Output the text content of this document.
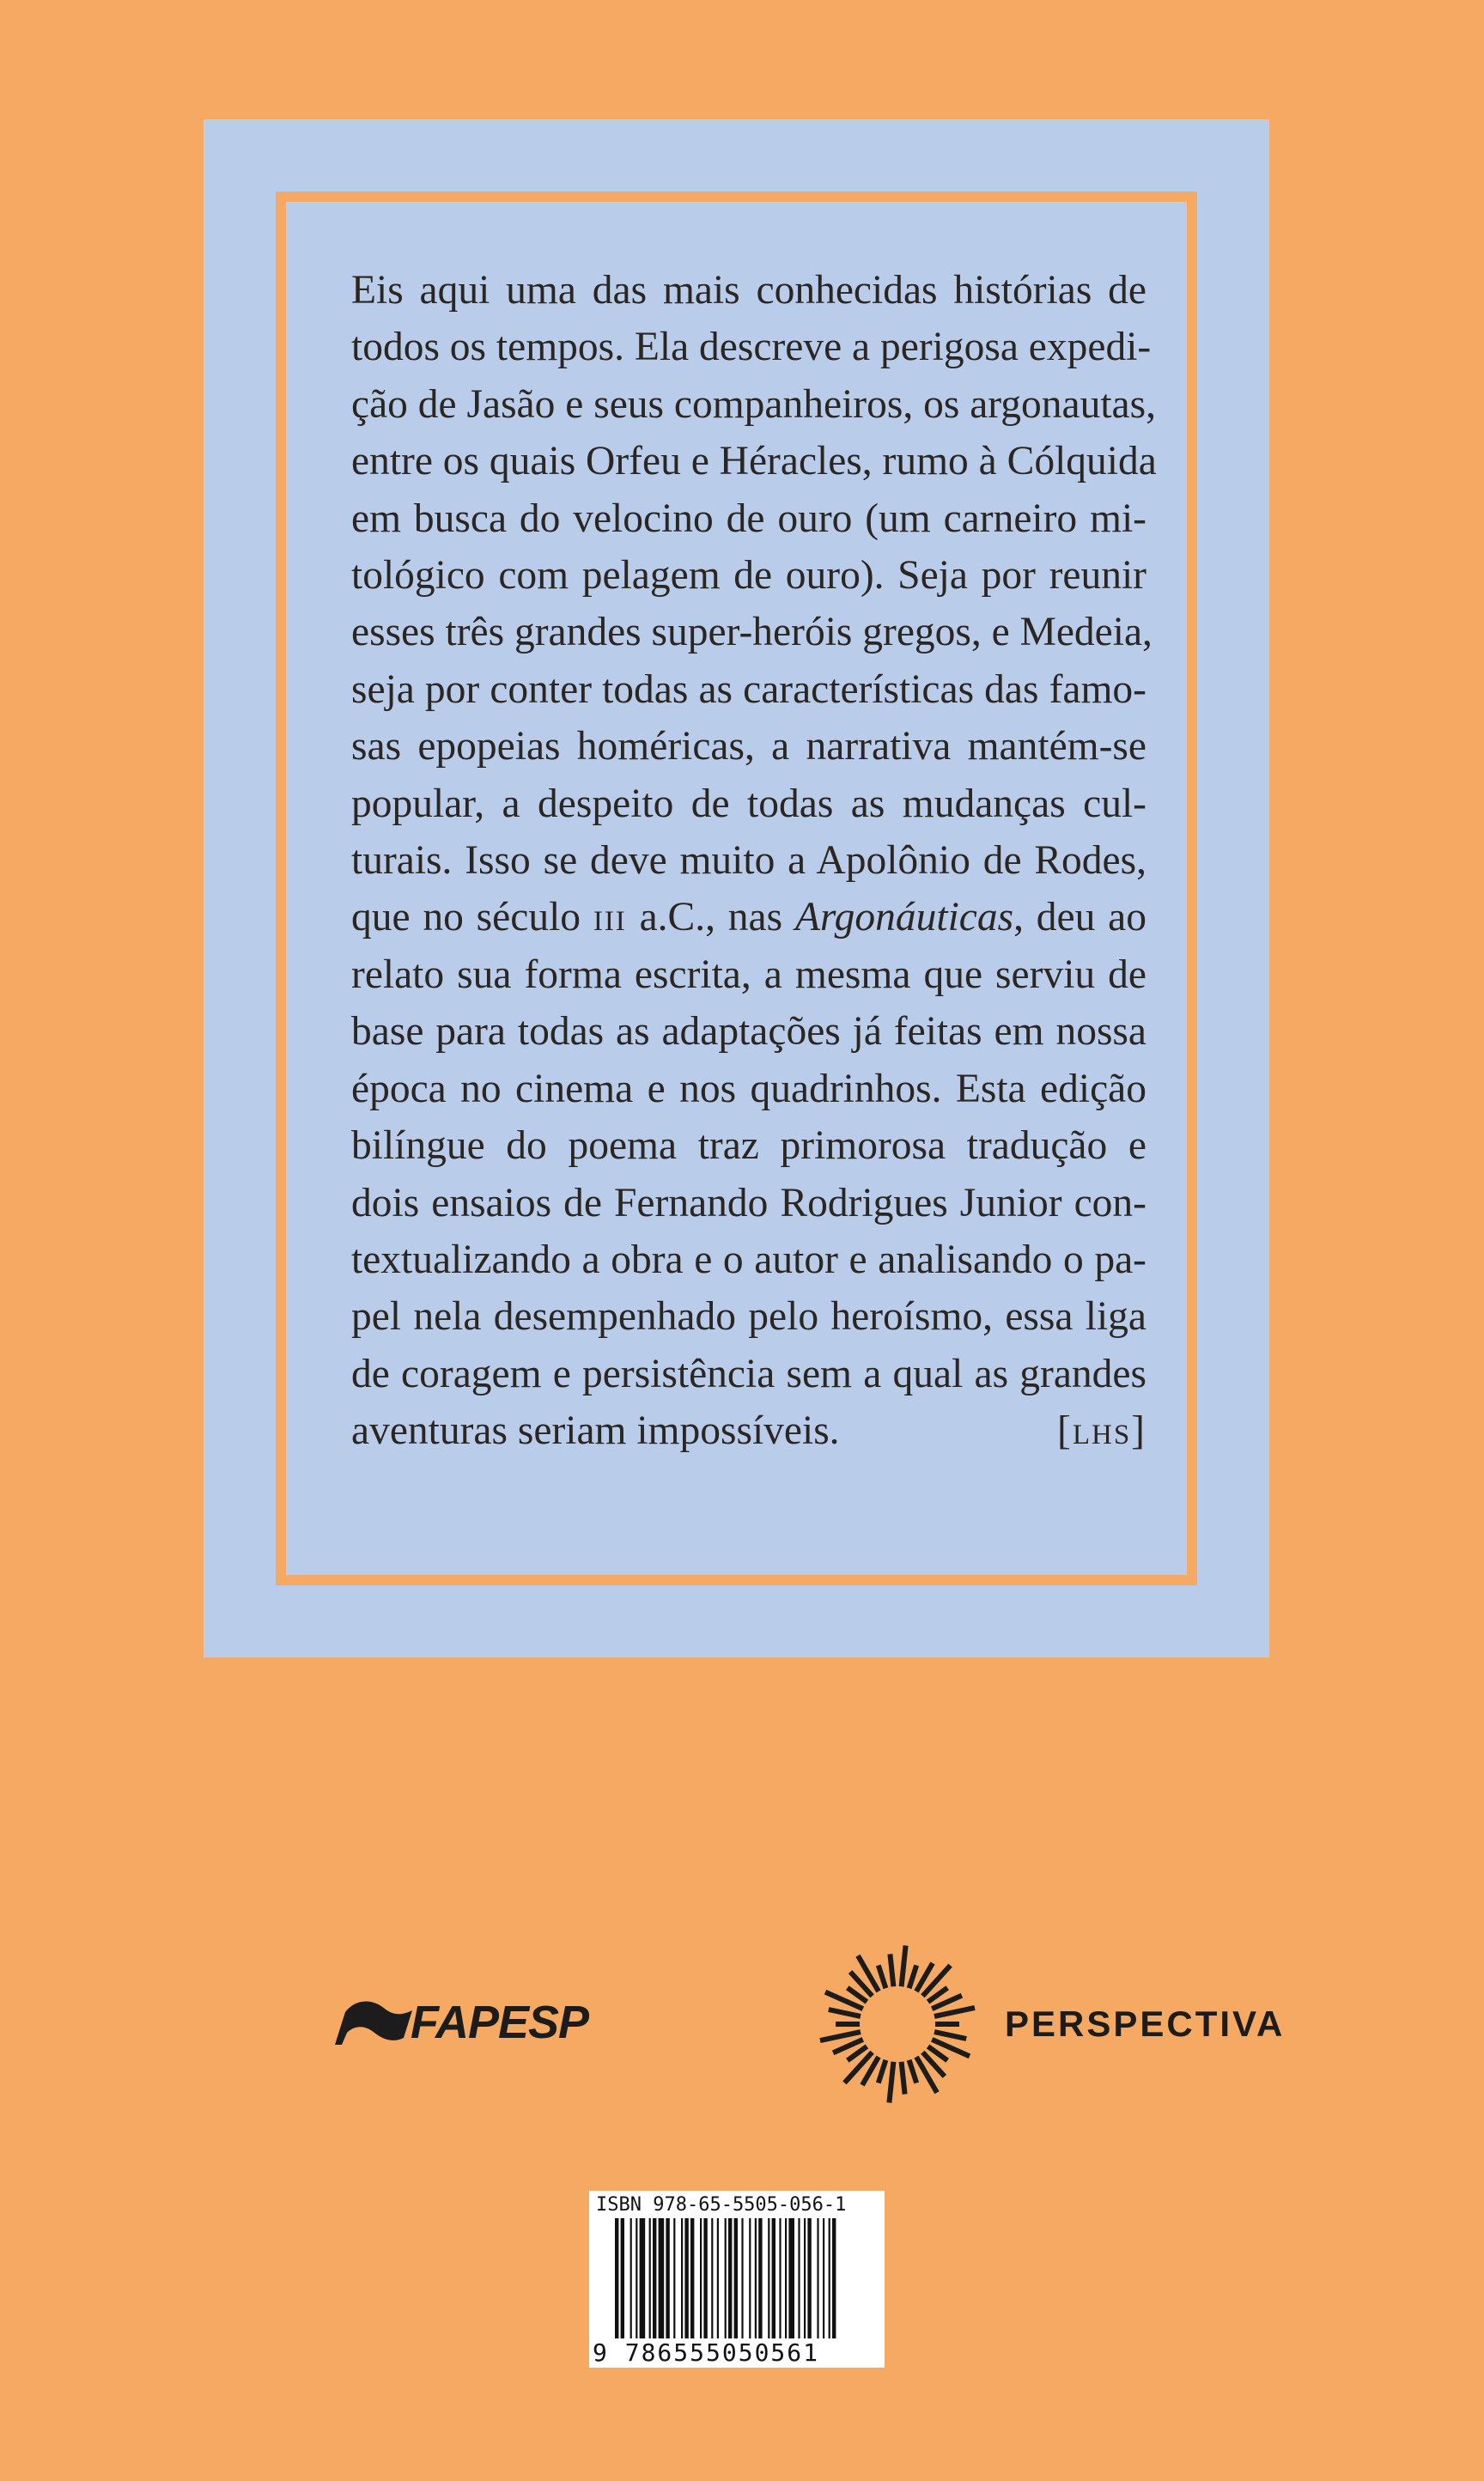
Eis aqui uma das mais conhecidas histórias de
todos os tempos. Ela descreve a perigosa expedi-
ção de Jasão e seus companheiros, os argonautas,
entre os quais Orfeu e Héracles, rumo à Cólquida
em busca do velocino de ouro (um carneiro mi-
tológico com pelagem de ouro). Seja por reunir
esses três grandes super-heróis gregos, e Medeia,
seja por conter todas as características das famo-
sas epopeias homéricas, a narrativa mantém-se
popular, a despeito de todas as mudanças cul-
turais. Isso se deve muito a Apolônio de Rodes,
que no século iii a.C., nas Argonáuticas, deu ao
relato sua forma escrita, a mesma que serviu de
base para todas as adaptações já feitas em nossa
época no cinema e nos quadrinhos. Esta edição
bilíngue do poema traz primorosa tradução e
dois ensaios de Fernando Rodrigues Junior con-
textualizando a obra e o autor e analisando o pa-
pel nela desempenhado pelo heroísmo, essa liga
de coragem e persistência sem a qual as grandes
aventuras seriam impossíveis.	[lhs]
FAPESP	PERSPECTIVA
ISBN 978-65-5505-056-1
9 786555050561
